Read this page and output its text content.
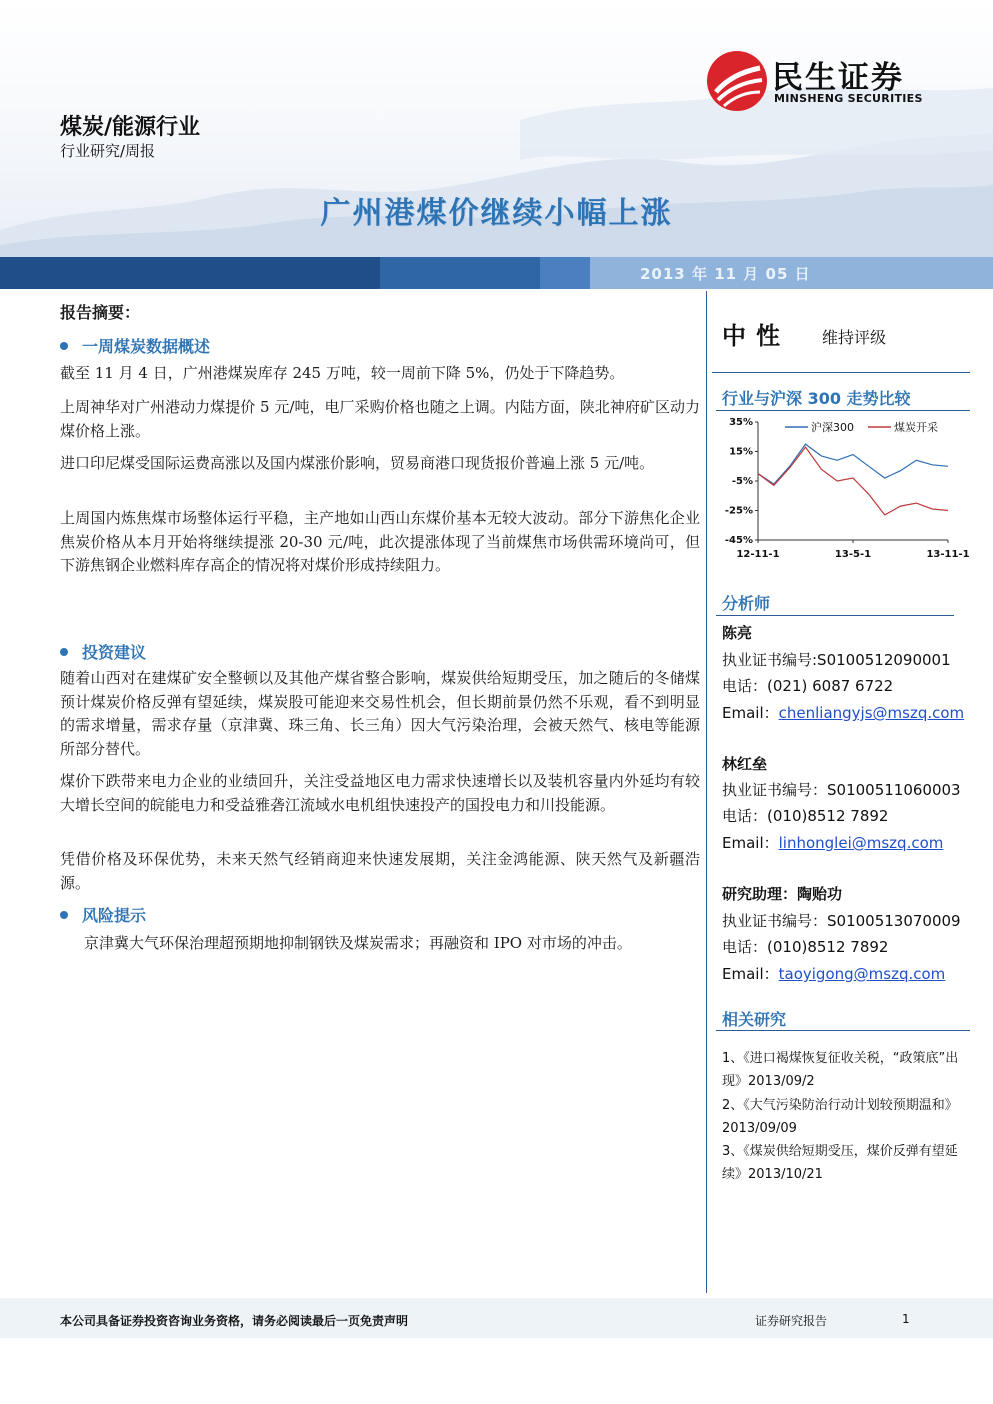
民生证券
MINSHENG SECURITIES
煤炭/能源行业
行业研究/周报
广州港煤价继续小幅上涨
2013 年 11 月 05 日
报告摘要：
一周煤炭数据概述
截至 11 月 4 日，广州港煤炭库存 245 万吨，较一周前下降 5%，仍处于下降趋势。
上周神华对广州港动力煤提价 5 元/吨，电厂采购价格也随之上调。内陆方面，陕北神府矿区动力煤价格上涨。
进口印尼煤受国际运费高涨以及国内煤涨价影响，贸易商港口现货报价普遍上涨 5 元/吨。
上周国内炼焦煤市场整体运行平稳，主产地如山西山东煤价基本无较大波动。部分下游焦化企业焦炭价格从本月开始将继续提涨 20-30 元/吨，此次提涨体现了当前煤焦市场供需环境尚可，但下游焦钢企业燃料库存高企的情况将对煤价形成持续阻力。
投资建议
随着山西对在建煤矿安全整顿以及其他产煤省整合影响，煤炭供给短期受压，加之随后的冬储煤预计煤炭价格反弹有望延续，煤炭股可能迎来交易性机会，但长期前景仍然不乐观，看不到明显的需求增量，需求存量（京津冀、珠三角、长三角）因大气污染治理，会被天然气、核电等能源所部分替代。
煤价下跌带来电力企业的业绩回升，关注受益地区电力需求快速增长以及装机容量内外延均有较大增长空间的皖能电力和受益雅砻江流域水电机组快速投产的国投电力和川投能源。
凭借价格及环保优势，未来天然气经销商迎来快速发展期，关注金鸿能源、陕天然气及新疆浩源。
风险提示
京津冀大气环保治理超预期地抑制钢铁及煤炭需求；再融资和 IPO 对市场的冲击。
中性 维持评级
行业与沪深 300 走势比较
35%
15%
-5%
-25%
-45%
12-11-1	13-5-1	13-11-1
沪深300	煤炭开采
分析师
陈亮
执业证书编号:S0100512090001
电话：(021) 6087 6722
Email：chenliangyjs@mszq.com
林红垒
执业证书编号：S0100511060003
电话：(010)8512 7892
Email：linhonglei@mszq.com
研究助理：陶贻功
执业证书编号：S0100513070009
电话：(010)8512 7892
Email：taoyigong@mszq.com
相关研究
1、《进口褐煤恢复征收关税，“政策底”出现》2013/09/2
2、《大气污染防治行动计划较预期温和》2013/09/09
3、《煤炭供给短期受压，煤价反弹有望延续》2013/10/21
本公司具备证券投资咨询业务资格，请务必阅读最后一页免责声明	证券研究报告	1
